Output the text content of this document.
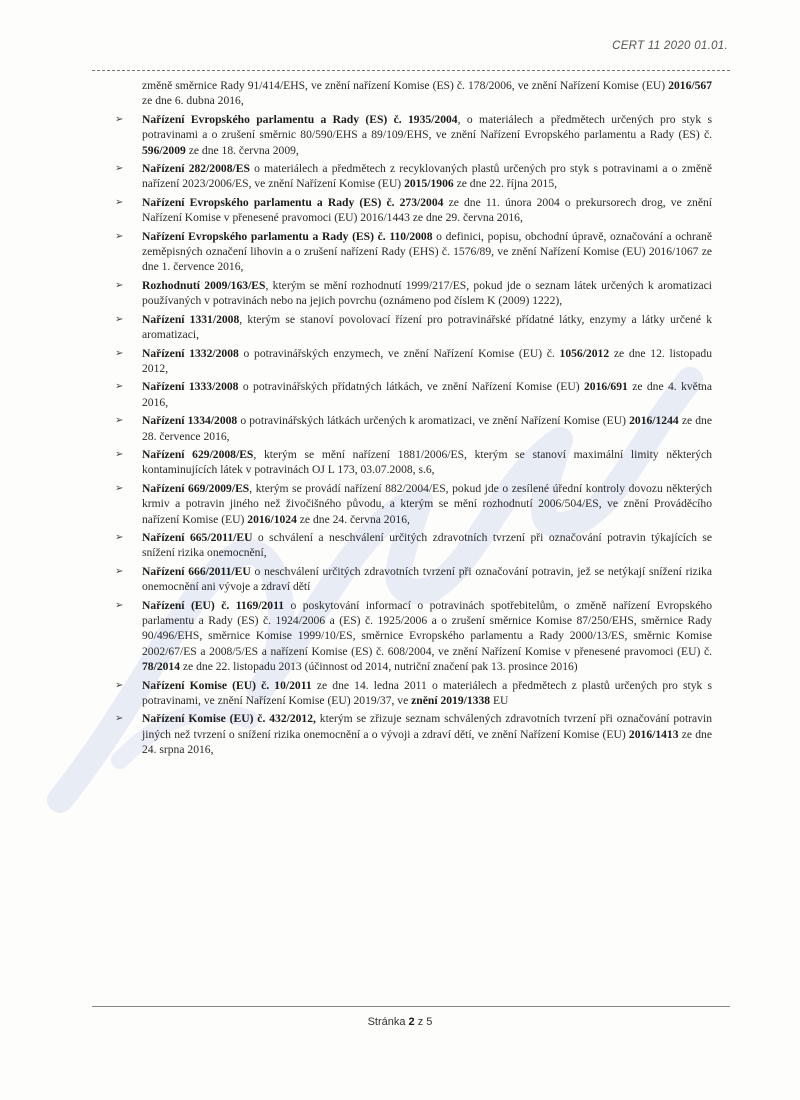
CERT 11 2020 01.01.

změně směrnice Rady 91/414/EHS, ve znění nařízení Komise (ES) č. 178/2006, ve znění Nařízení Komise (EU) 2016/567 ze dne 6. dubna 2016,

➢ Nařízení Evropského parlamentu a Rady (ES) č. 1935/2004, o materiálech a předmětech určených pro styk s potravinami a o zrušení směrnic 80/590/EHS a 89/109/EHS, ve znění Nařízení Evropského parlamentu a Rady (ES) č. 596/2009 ze dne 18. června 2009,
➢ Nařízení 282/2008/ES o materiálech a předmětech z recyklovaných plastů určených pro styk s potravinami a o změně nařízení 2023/2006/ES, ve znění Nařízení Komise (EU) 2015/1906 ze dne 22. října 2015,
➢ Nařízení Evropského parlamentu a Rady (ES) č. 273/2004 ze dne 11. února 2004 o prekursorech drog, ve znění Nařízení Komise v přenesené pravomoci (EU) 2016/1443 ze dne 29. června 2016,
➢ Nařízení Evropského parlamentu a Rady (ES) č. 110/2008 o definici, popisu, obchodní úpravě, označování a ochraně zeměpisných označení lihovin a o zrušení nařízení Rady (EHS) č. 1576/89, ve znění Nařízení Komise (EU) 2016/1067 ze dne 1. července 2016,
➢ Rozhodnutí 2009/163/ES, kterým se mění rozhodnutí 1999/217/ES, pokud jde o seznam látek určených k aromatizaci používaných v potravinách nebo na jejich povrchu (oznámeno pod číslem K (2009) 1222),
➢ Nařízení 1331/2008, kterým se stanoví povolovací řízení pro potravinářské přídatné látky, enzymy a látky určené k aromatizaci,
➢ Nařízení 1332/2008 o potravinářských enzymech, ve znění Nařízení Komise (EU) č. 1056/2012 ze dne 12. listopadu 2012,
➢ Nařízení 1333/2008 o potravinářských přídatných látkách, ve znění Nařízení Komise (EU) 2016/691 ze dne 4. května 2016,
➢ Nařízení 1334/2008 o potravinářských látkách určených k aromatizaci, ve znění Nařízení Komise (EU) 2016/1244 ze dne 28. července 2016,
➢ Nařízení 629/2008/ES, kterým se mění nařízení 1881/2006/ES, kterým se stanoví maximální limity některých kontaminujících látek v potravinách OJ L 173, 03.07.2008, s.6,
➢ Nařízení 669/2009/ES, kterým se provádí nařízení 882/2004/ES, pokud jde o zesílené úřední kontroly dovozu některých krmiv a potravin jiného než živočišného původu, a kterým se mění rozhodnutí 2006/504/ES, ve znění Prováděcího nařízení Komise (EU) 2016/1024 ze dne 24. června 2016,
➢ Nařízení 665/2011/EU o schválení a neschválení určitých zdravotních tvrzení při označování potravin týkajících se snížení rizika onemocnění,
➢ Nařízení 666/2011/EU o neschválení určitých zdravotních tvrzení při označování potravin, jež se netýkají snížení rizika onemocnění ani vývoje a zdraví dětí
➢ Nařízení (EU) č. 1169/2011 o poskytování informací o potravinách spotřebitelům, o změně nařízení Evropského parlamentu a Rady (ES) č. 1924/2006 a (ES) č. 1925/2006 a o zrušení směrnice Komise 87/250/EHS, směrnice Rady 90/496/EHS, směrnice Komise 1999/10/ES, směrnice Evropského parlamentu a Rady 2000/13/ES, směrnic Komise 2002/67/ES a 2008/5/ES a nařízení Komise (ES) č. 608/2004, ve znění Nařízení Komise v přenesené pravomoci (EU) č. 78/2014 ze dne 22. listopadu 2013 (účinnost od 2014, nutriční značení pak 13. prosince 2016)
➢ Nařízení Komise (EU) č. 10/2011 ze dne 14. ledna 2011 o materiálech a předmětech z plastů určených pro styk s potravinami, ve znění Nařízení Komise (EU) 2019/37, ve znění 2019/1338 EU
➢ Nařízení Komise (EU) č. 432/2012, kterým se zřizuje seznam schválených zdravotních tvrzení při označování potravin jiných než tvrzení o snížení rizika onemocnění a o vývoji a zdraví dětí, ve znění Nařízení Komise (EU) 2016/1413 ze dne 24. srpna 2016,
Stránka 2 z 5
